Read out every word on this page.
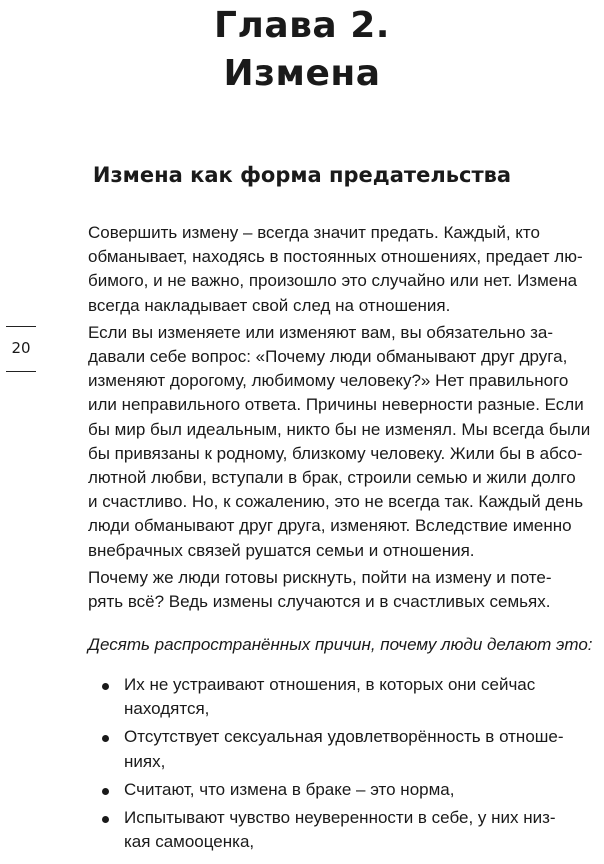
Глава 2.
Измена
Измена как форма предательства
20

Совершить измену – всегда значит предать. Каждый, кто
обманывает, находясь в постоянных отношениях, предает лю-
бимого, и не важно, произошло это случайно или нет. Измена
всегда накладывает свой след на отношения.

Если вы изменяете или изменяют вам, вы обязательно за-
давали себе вопрос: «Почему люди обманывают друг друга,
изменяют дорогому, любимому человеку?» Нет правильного
или неправильного ответа. Причины неверности разные. Если
бы мир был идеальным, никто бы не изменял. Мы всегда были
бы привязаны к родному, близкому человеку. Жили бы в абсо-
лютной любви, вступали в брак, строили семью и жили долго
и счастливо. Но, к сожалению, это не всегда так. Каждый день
люди обманывают друг друга, изменяют. Вследствие именно
внебрачных связей рушатся семьи и отношения.

Почему же люди готовы рискнуть, пойти на измену и поте-
рять всё? Ведь измены случаются и в счастливых семьях.

Десять распространённых причин, почему люди делают это:
Их не устраивают отношения, в которых они сейчас
находятся,
Отсутствует сексуальная удовлетворённость в отноше-
ниях,
Считают, что измена в браке – это норма,
Испытывают чувство неуверенности в себе, у них низ-
кая самооценка,
